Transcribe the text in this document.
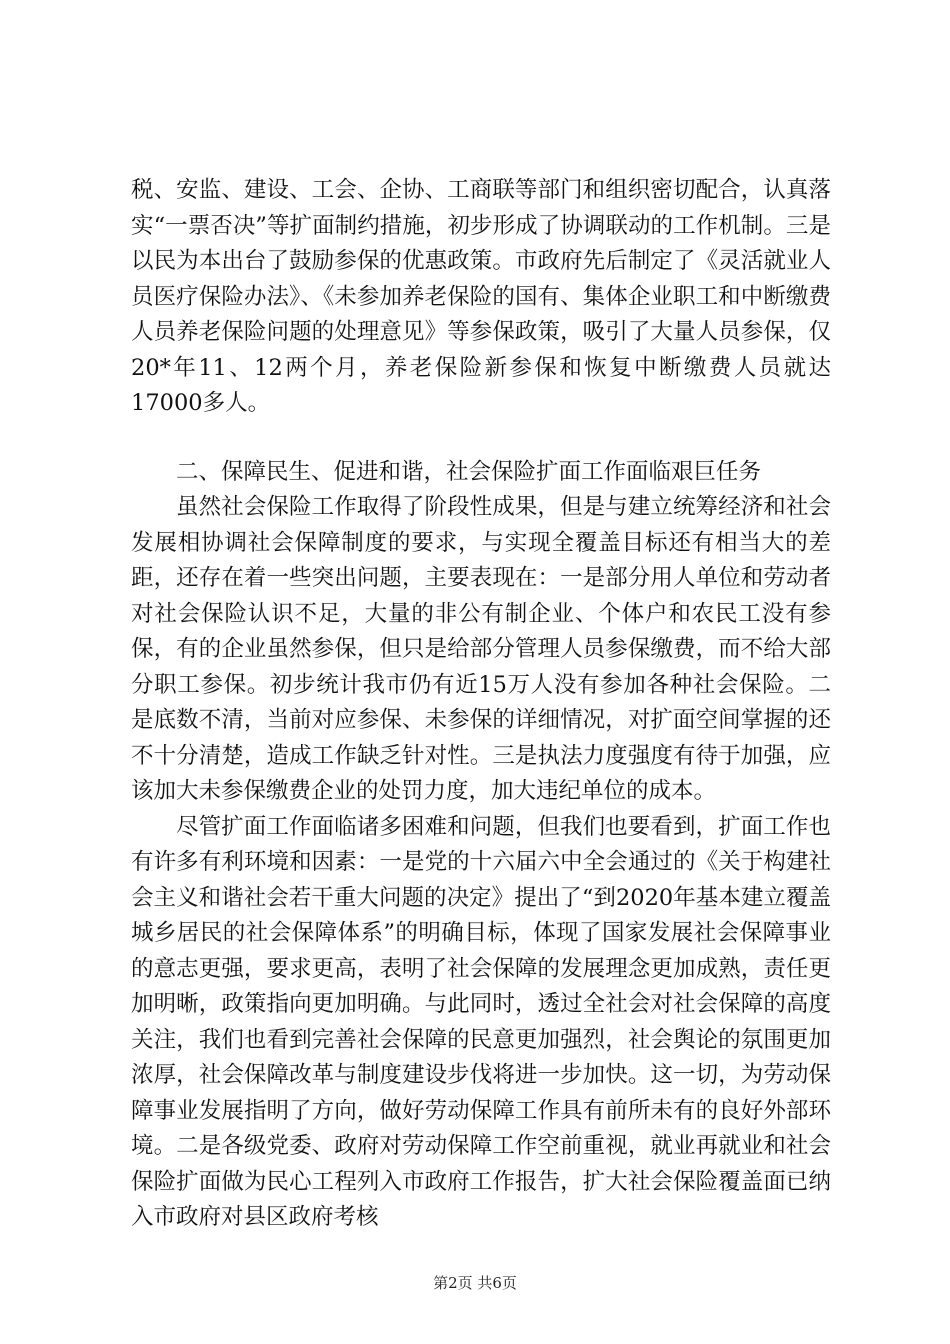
税、安监、建设、工会、企协、工商联等部门和组织密切配合，认真落实“一票否决”等扩面制约措施，初步形成了协调联动的工作机制。三是以民为本出台了鼓励参保的优惠政策。市政府先后制定了《灵活就业人员医疗保险办法》、《未参加养老保险的国有、集体企业职工和中断缴费人员养老保险问题的处理意见》等参保政策，吸引了大量人员参保，仅20*年11、12两个月，养老保险新参保和恢复中断缴费人员就达17000多人。

二、保障民生、促进和谐，社会保险扩面工作面临艰巨任务

虽然社会保险工作取得了阶段性成果，但是与建立统筹经济和社会发展相协调社会保障制度的要求，与实现全覆盖目标还有相当大的差距，还存在着一些突出问题，主要表现在：一是部分用人单位和劳动者对社会保险认识不足，大量的非公有制企业、个体户和农民工没有参保，有的企业虽然参保，但只是给部分管理人员参保缴费，而不给大部分职工参保。初步统计我市仍有近15万人没有参加各种社会保险。二是底数不清，当前对应参保、未参保的详细情况，对扩面空间掌握的还不十分清楚，造成工作缺乏针对性。三是执法力度强度有待于加强，应该加大未参保缴费企业的处罚力度，加大违纪单位的成本。

尽管扩面工作面临诸多困难和问题，但我们也要看到，扩面工作也有许多有利环境和因素：一是党的十六届六中全会通过的《关于构建社会主义和谐社会若干重大问题的决定》提出了“到2020年基本建立覆盖城乡居民的社会保障体系”的明确目标，体现了国家发展社会保障事业的意志更强，要求更高，表明了社会保障的发展理念更加成熟，责任更加明晰，政策指向更加明确。与此同时，透过全社会对社会保障的高度关注，我们也看到完善社会保障的民意更加强烈，社会舆论的氛围更加浓厚，社会保障改革与制度建设步伐将进一步加快。这一切，为劳动保障事业发展指明了方向，做好劳动保障工作具有前所未有的良好外部环境。二是各级党委、政府对劳动保障工作空前重视，就业再就业和社会保险扩面做为民心工程列入市政府工作报告，扩大社会保险覆盖面已纳入市政府对县区政府考核

第2页 共6页
